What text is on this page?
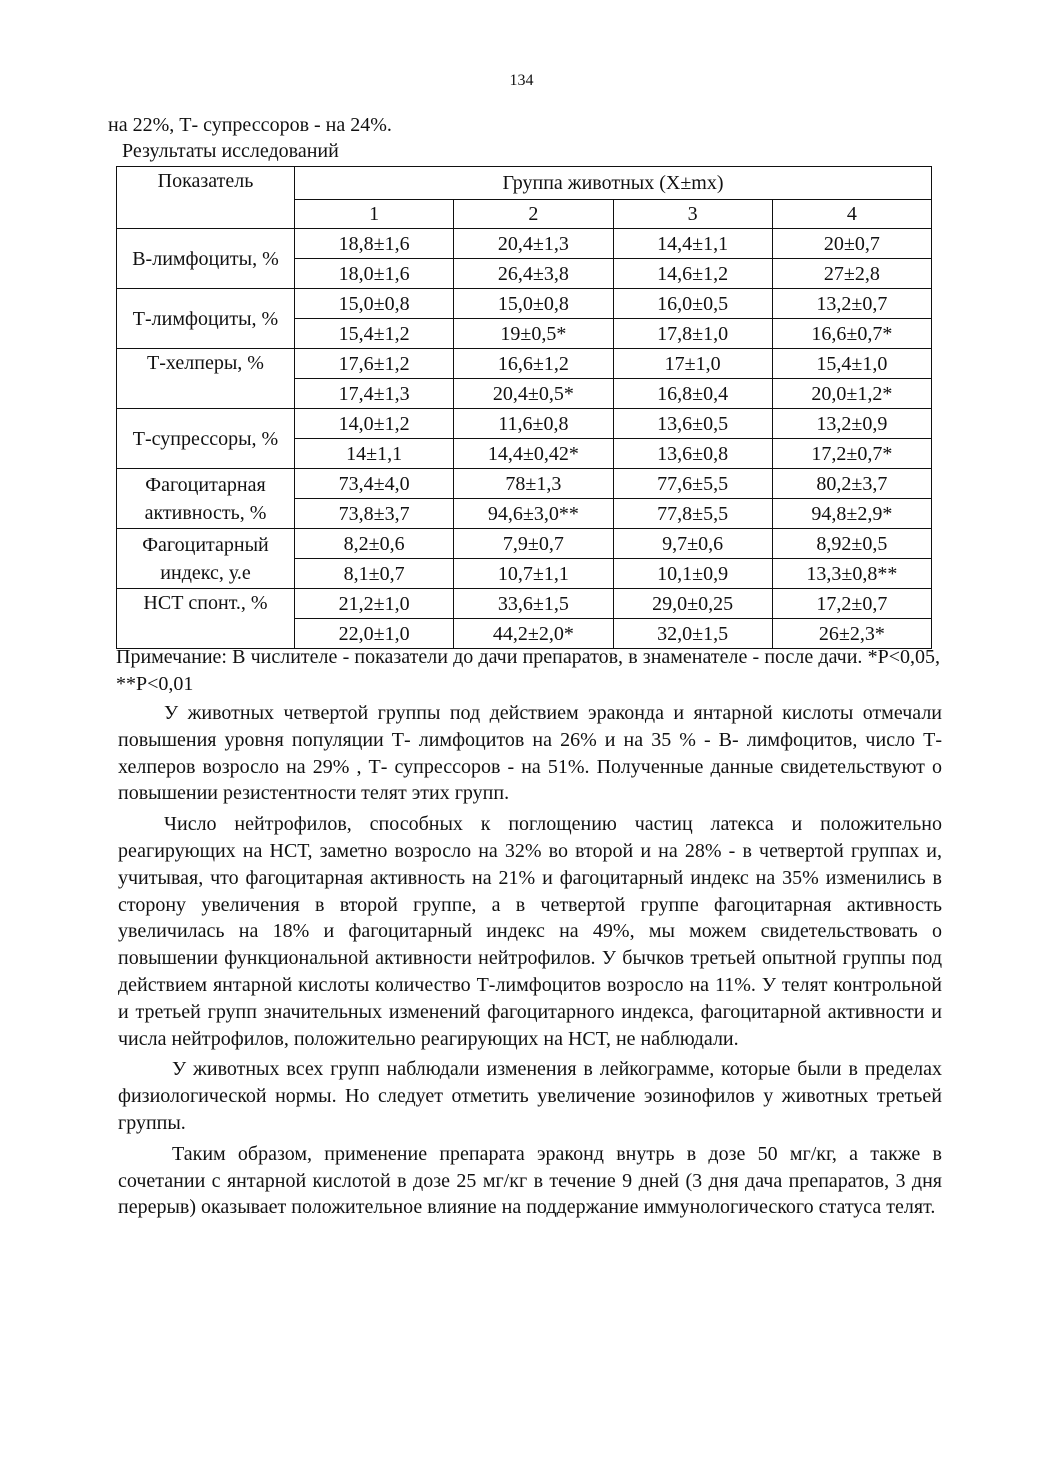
134

на 22%, Т- супрессоров - на 24%.

Результаты исследований

Показатель	Группа животных (X±mx)			
	1	2	3	4
В-лимфоциты, %	18,8±1,6	20,4±1,3	14,4±1,1	20±0,7
	18,0±1,6	26,4±3,8	14,6±1,2	27±2,8
Т-лимфоциты, %	15,0±0,8	15,0±0,8	16,0±0,5	13,2±0,7
	15,4±1,2	19±0,5*	17,8±1,0	16,6±0,7*
Т-хелперы, %	17,6±1,2	16,6±1,2	17±1,0	15,4±1,0
	17,4±1,3	20,4±0,5*	16,8±0,4	20,0±1,2*
Т-супрессоры, %	14,0±1,2	11,6±0,8	13,6±0,5	13,2±0,9
	14±1,1	14,4±0,42*	13,6±0,8	17,2±0,7*
Фагоцитарная активность, %	73,4±4,0	78±1,3	77,6±5,5	80,2±3,7
	73,8±3,7	94,6±3,0**	77,8±5,5	94,8±2,9*
Фагоцитарный индекс, у.е	8,2±0,6	7,9±0,7	9,7±0,6	8,92±0,5
	8,1±0,7	10,7±1,1	10,1±0,9	13,3±0,8**
НСТ спонт., %	21,2±1,0	33,6±1,5	29,0±0,25	17,2±0,7
	22,0±1,0	44,2±2,0*	32,0±1,5	26±2,3*

Примечание: В числителе - показатели до дачи препаратов, в знаменателе - после дачи. *Р<0,05, **Р<0,01

У животных четвертой группы под действием эраконда и янтарной кислоты отмечали повышения уровня популяции Т- лимфоцитов на 26% и на 35 % - В- лимфоцитов, число Т- хелперов возросло на 29% , Т- супрессоров - на 51%. Полученные данные свидетельствуют о повышении резистентности телят этих групп.

Число нейтрофилов, способных к поглощению частиц латекса и положительно реагирующих на НСТ, заметно возросло на 32% во второй и на 28% - в четвертой группах и, учитывая, что фагоцитарная активность на 21% и фагоцитарный индекс на 35% изменились в сторону увеличения в второй группе, а в четвертой группе фагоцитарная активность увеличилась на 18% и фагоцитарный индекс на 49%, мы можем свидетельствовать о повышении функциональной активности нейтрофилов. У бычков третьей опытной группы под действием янтарной кислоты количество Т-лимфоцитов возросло на 11%. У телят контрольной и третьей групп значительных изменений фагоцитарного индекса, фагоцитарной активности и числа нейтрофилов, положительно реагирующих на НСТ, не наблюдали.

У животных всех групп наблюдали изменения в лейкограмме, которые были в пределах физиологической нормы. Но следует отметить увеличение эозинофилов у животных третьей группы.

Таким образом, применение препарата эраконд внутрь в дозе 50 мг/кг, а также в сочетании с янтарной кислотой в дозе 25 мг/кг в течение 9 дней (3 дня дача препаратов, 3 дня перерыв) оказывает положительное влияние на поддержание иммунологического статуса телят.
